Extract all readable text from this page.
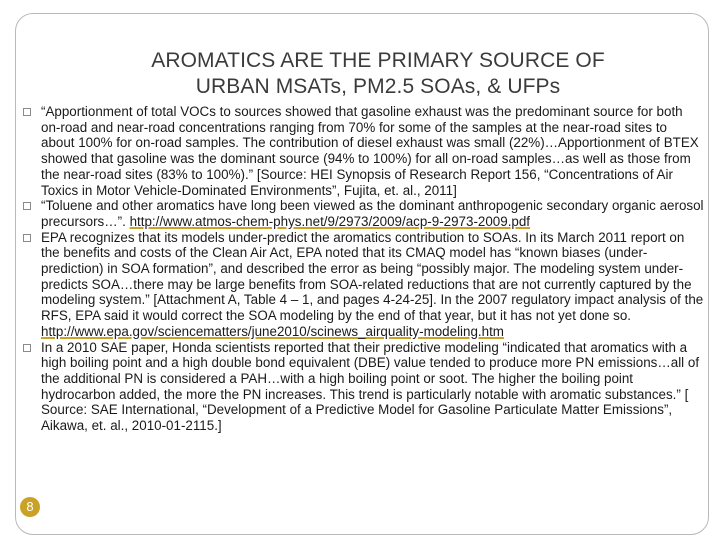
AROMATICS ARE THE PRIMARY SOURCE OF
URBAN MSATs, PM2.5 SOAs, & UFPs
“Apportionment of total VOCs to sources showed that gasoline exhaust was the predominant source for both on-road and near-road concentrations ranging from 70% for some of the samples at the near-road sites to about 100% for on-road samples. The contribution of diesel exhaust was small (22%)…Apportionment of BTEX showed that gasoline was the dominant source (94% to 100%) for all on-road samples…as well as those from the near-road sites (83% to 100%).” [Source: HEI Synopsis of Research Report 156, “Concentrations of Air Toxics in Motor Vehicle-Dominated Environments”, Fujita, et. al., 2011]
“Toluene and other aromatics have long been viewed as the dominant anthropogenic secondary organic aerosol precursors…”. http://www.atmos-chem-phys.net/9/2973/2009/acp-9-2973-2009.pdf
EPA recognizes that its models under-predict the aromatics contribution to SOAs. In its March 2011 report on the benefits and costs of the Clean Air Act, EPA noted that its CMAQ model has “known biases (under-prediction) in SOA formation”, and described the error as being “possibly major. The modeling system under-predicts SOA…there may be large benefits from SOA-related reductions that are not currently captured by the modeling system.” [Attachment A, Table 4 – 1, and pages 4-24-25]. In the 2007 regulatory impact analysis of the RFS, EPA said it would correct the SOA modeling by the end of that year, but it has not yet done so. http://www.epa.gov/sciencematters/june2010/scinews_airquality-modeling.htm
In a 2010 SAE paper, Honda scientists reported that their predictive modeling “indicated that aromatics with a high boiling point and a high double bond equivalent (DBE) value tended to produce more PN emissions…all of the additional PN is considered a PAH…with a high boiling point or soot. The higher the boiling point hydrocarbon added, the more the PN increases. This trend is particularly notable with aromatic substances.” [ Source: SAE International, “Development of a Predictive Model for Gasoline Particulate Matter Emissions”, Aikawa, et. al., 2010-01-2115.]
8
